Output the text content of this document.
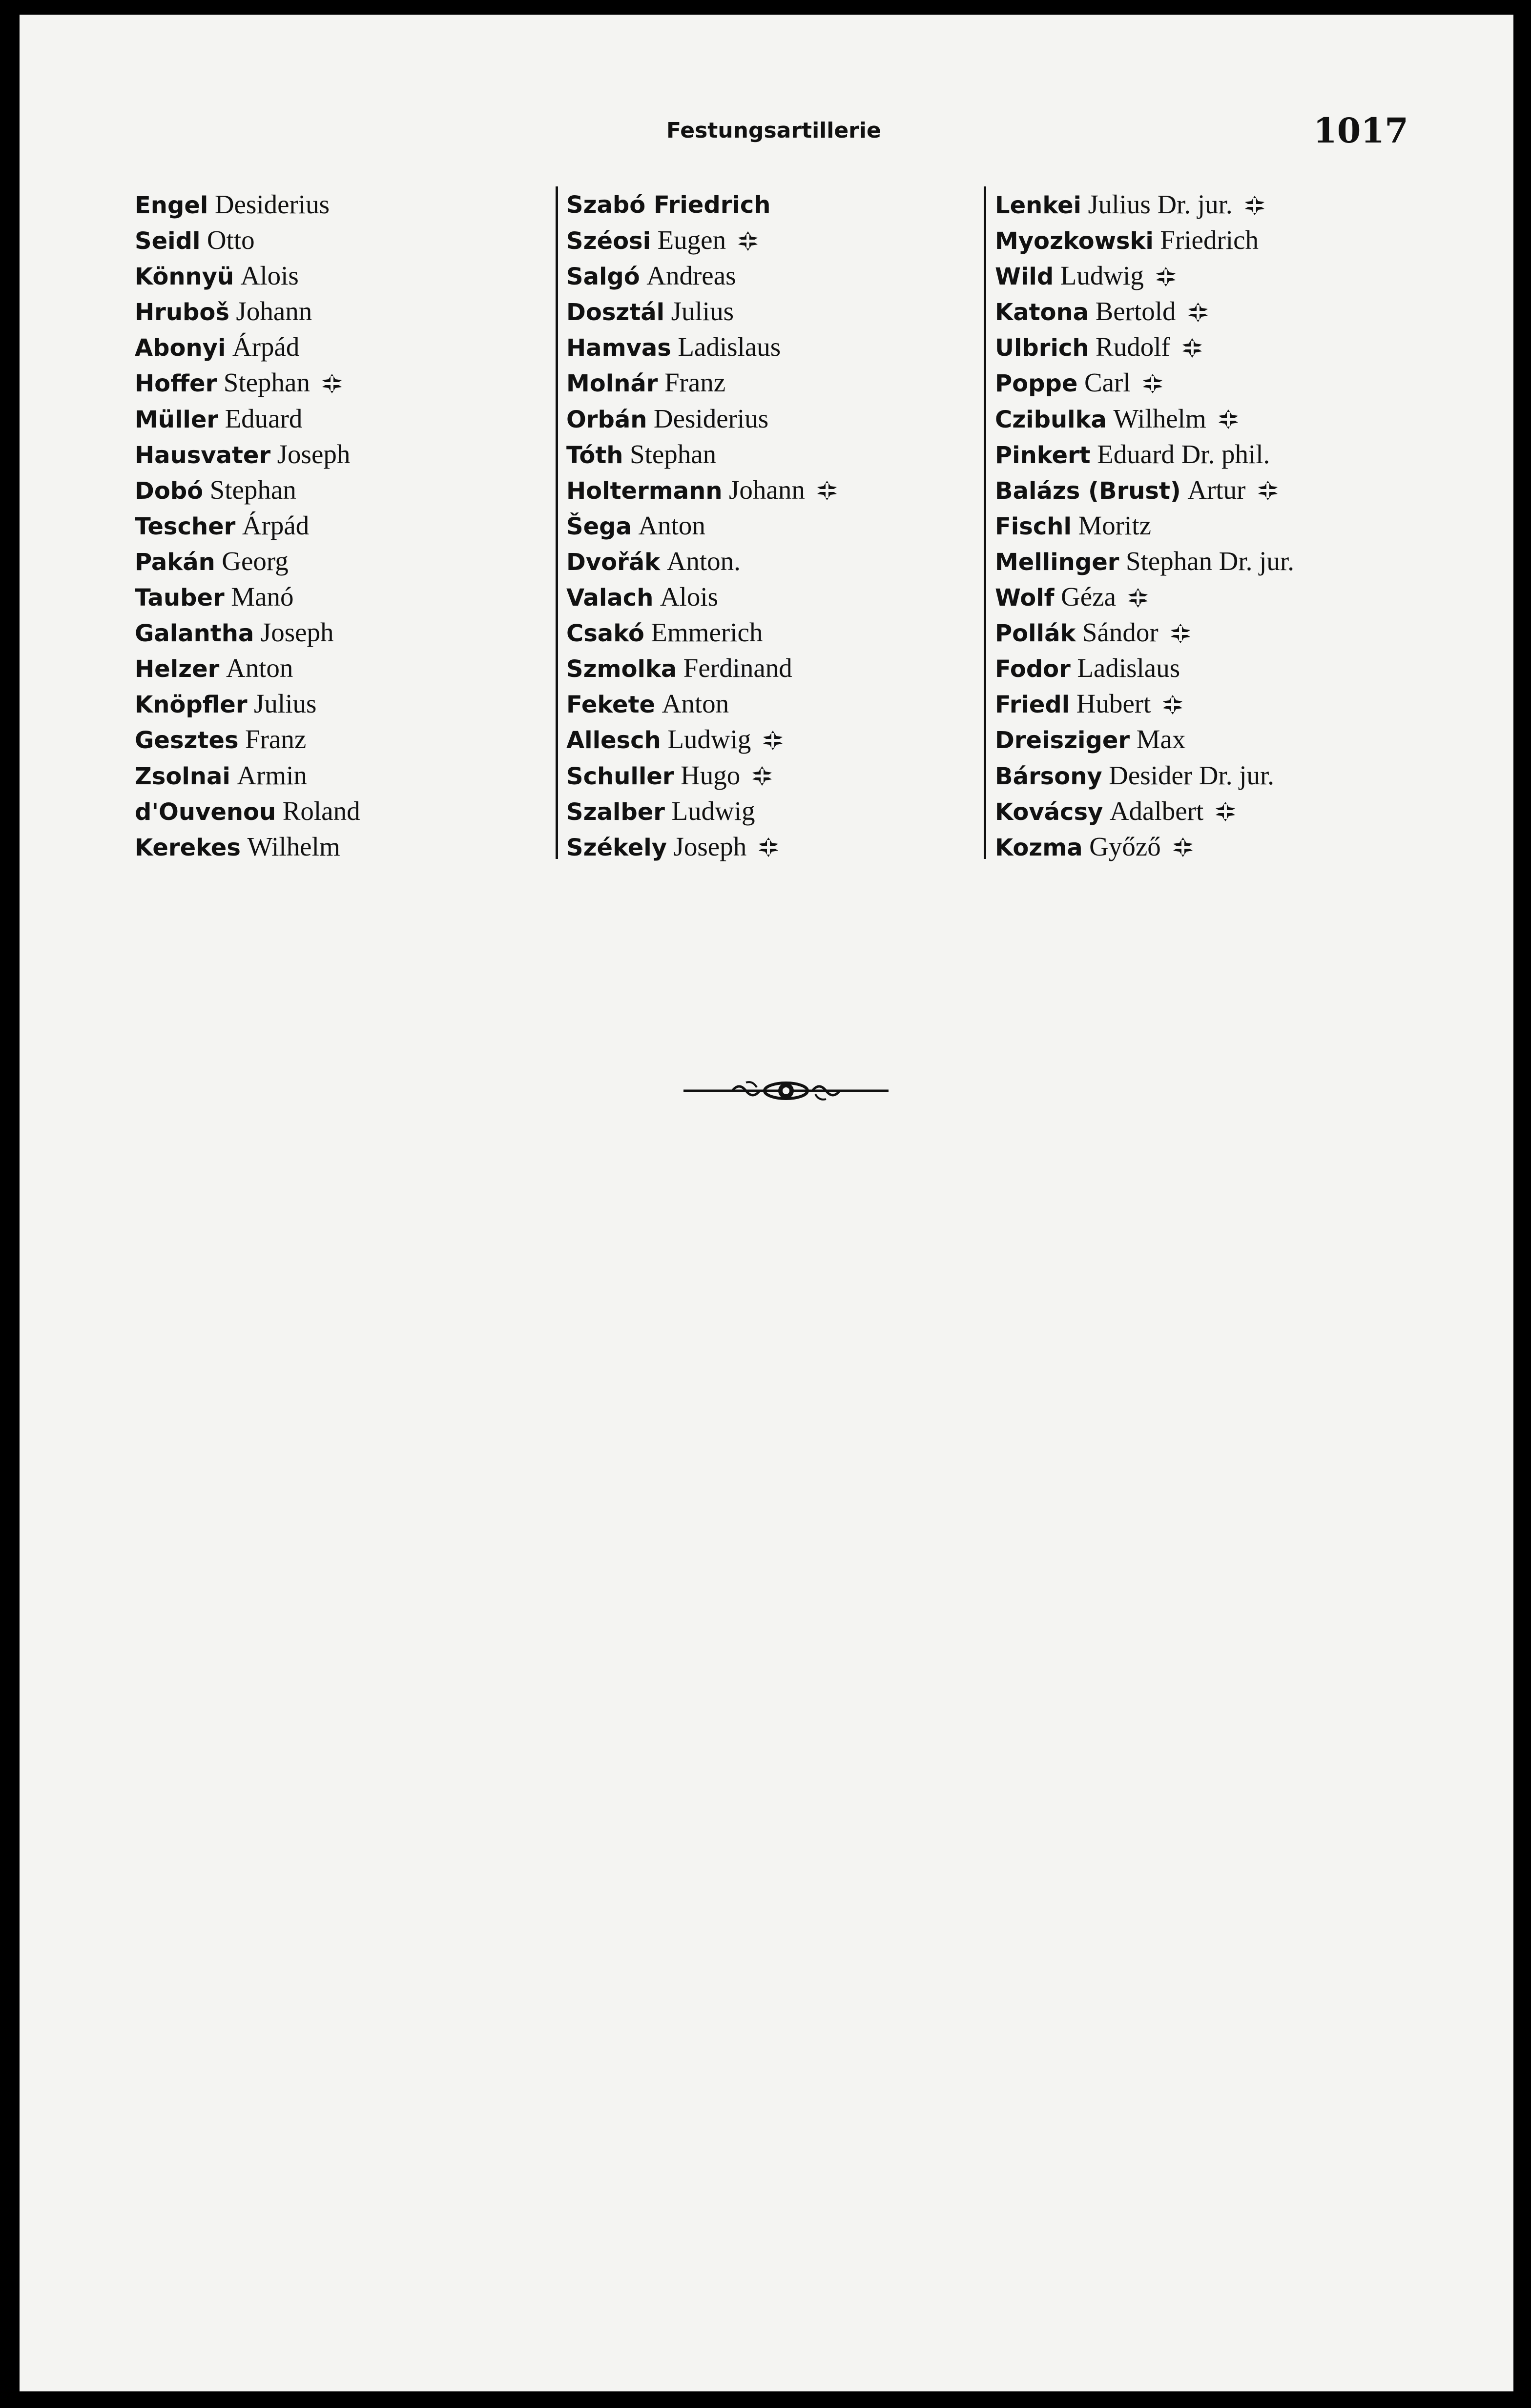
Festungsartillerie	1017
Engel Desiderius
Seidl Otto
Könnyü Alois
Hruboš Johann
Abonyi Árpád
Hoffer Stephan
Müller Eduard
Hausvater Joseph
Dobó Stephan
Tescher Árpád
Pakán Georg
Tauber Manó
Galantha Joseph
Helzer Anton
Knöpfler Julius
Gesztes Franz
Zsolnai Armin
d'Ouvenou Roland
Kerekes Wilhelm
Szabó Friedrich
Széosi Eugen
Salgó Andreas
Dosztál Julius
Hamvas Ladislaus
Molnár Franz
Orbán Desiderius
Tóth Stephan
Holtermann Johann
Šega Anton
Dvořák Anton.
Valach Alois
Csakó Emmerich
Szmolka Ferdinand
Fekete Anton
Allesch Ludwig
Schuller Hugo
Szalber Ludwig
Székely Joseph
Lenkei Julius Dr. jur.
Myozkowski Friedrich
Wild Ludwig
Katona Bertold
Ulbrich Rudolf
Poppe Carl
Czibulka Wilhelm
Pinkert Eduard Dr. phil.
Balázs (Brust) Artur
Fischl Moritz
Mellinger Stephan Dr. jur.
Wolf Géza
Pollák Sándor
Fodor Ladislaus
Friedl Hubert
Dreisziger Max
Bársony Desider Dr. jur.
Kovácsy Adalbert
Kozma Győző
